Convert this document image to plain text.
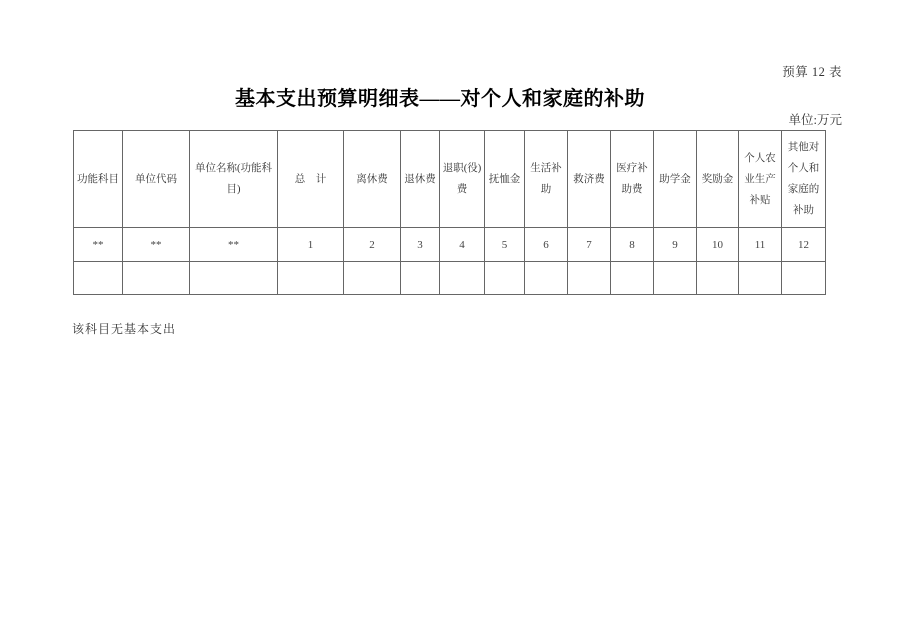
预算 12 表
基本支出预算明细表——对个人和家庭的补助
单位:万元
功能科目	单位代码	单位名称(功能科目)	总　计	离休费	退休费	退职(役)费	抚恤金	生活补助	救济费	医疗补助费	助学金	奖励金	个人农业生产补贴	其他对个人和家庭的补助
**	**	**	1	2	3	4	5	6	7	8	9	10	11	12

该科目无基本支出
